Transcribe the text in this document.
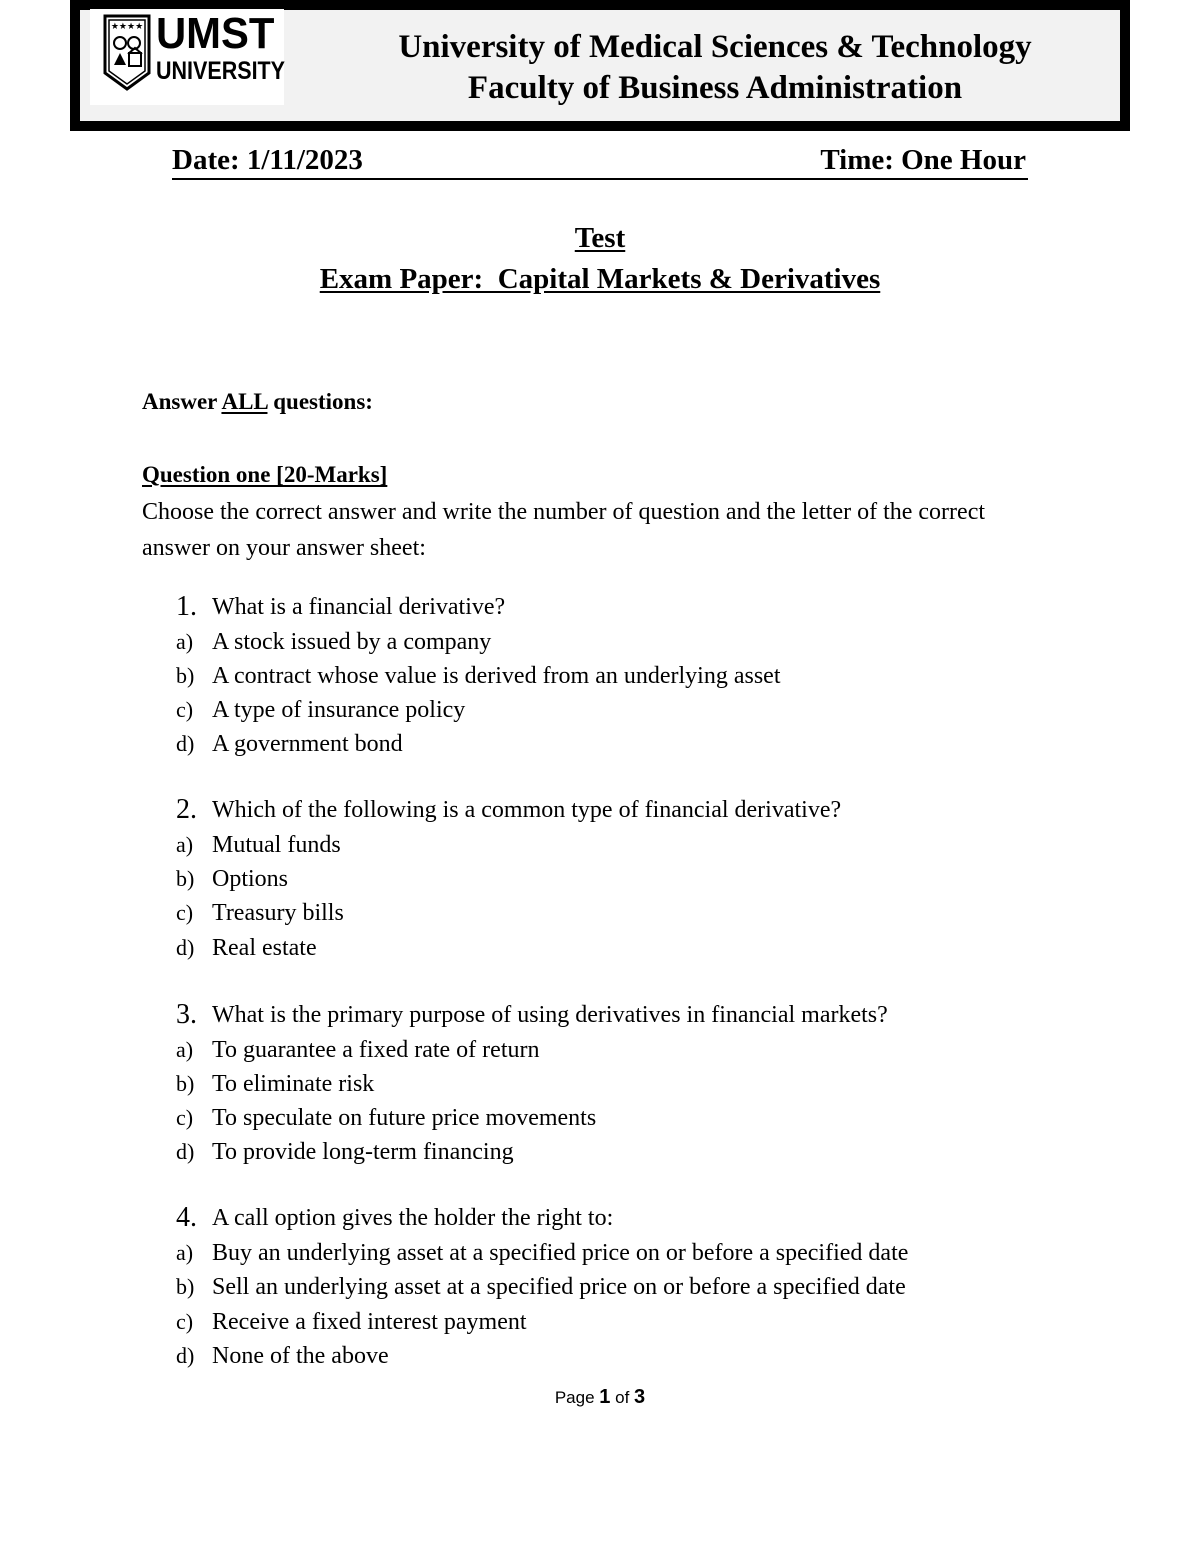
★★★★ UMST
UNIVERSITY
University of Medical Sciences & Technology
Faculty of Business Administration
Date: 1/11/2023	Time: One Hour
Test
Exam Paper:  Capital Markets & Derivatives
Answer ALL questions:
Question one [20-Marks]
Choose the correct answer and write the number of question and the letter of the correct answer on your answer sheet:
1. What is a financial derivative?
a) A stock issued by a company
b) A contract whose value is derived from an underlying asset
c) A type of insurance policy
d) A government bond
2. Which of the following is a common type of financial derivative?
a) Mutual funds
b) Options
c) Treasury bills
d) Real estate
3. What is the primary purpose of using derivatives in financial markets?
a) To guarantee a fixed rate of return
b) To eliminate risk
c) To speculate on future price movements
d) To provide long-term financing
4. A call option gives the holder the right to:
a) Buy an underlying asset at a specified price on or before a specified date
b) Sell an underlying asset at a specified price on or before a specified date
c) Receive a fixed interest payment
d) None of the above
Page 1 of 3
